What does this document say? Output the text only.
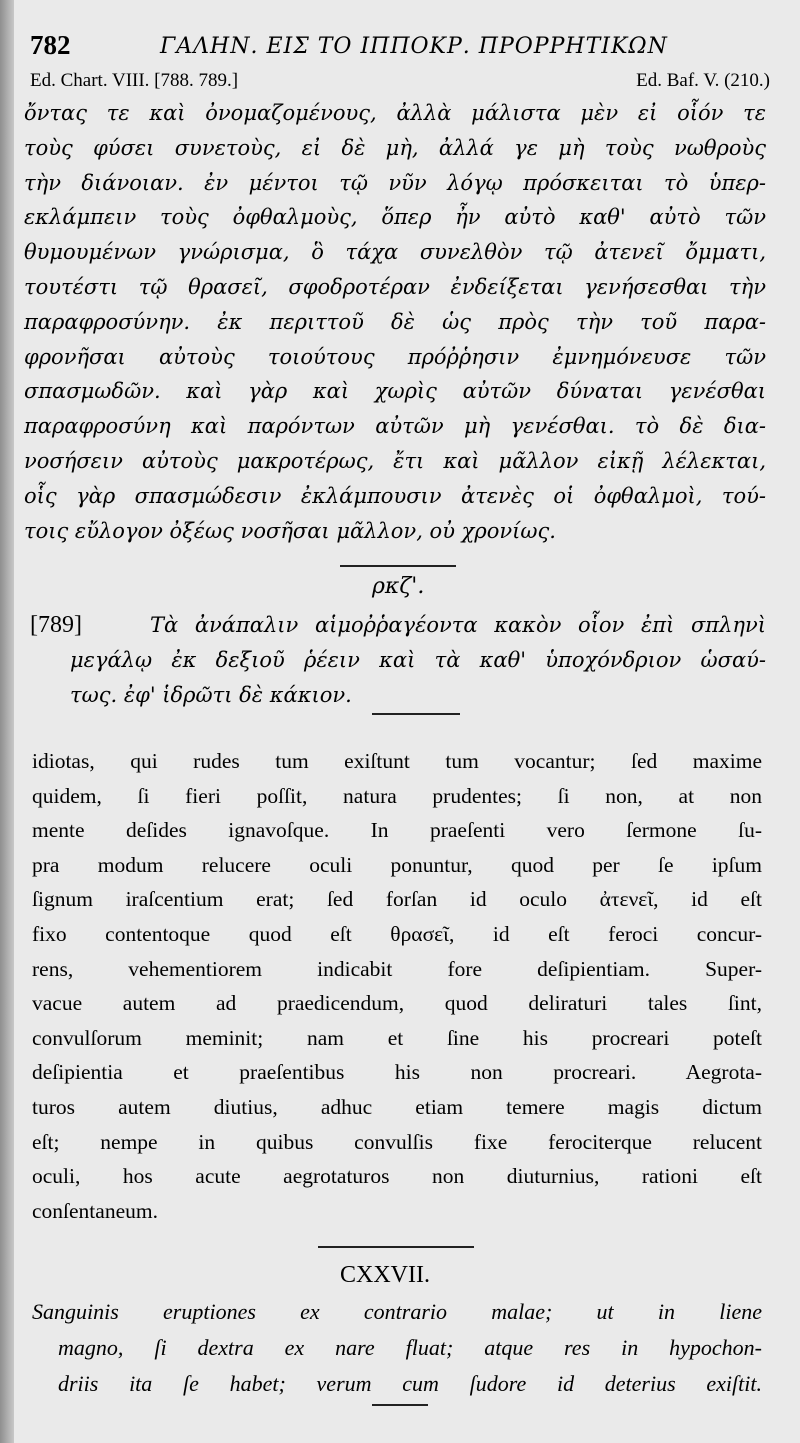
782	ΓΑΛΗΝ. ΕΙΣ ΤΟ ΙΠΠΟΚΡ. ΠΡΟΡΡΗΤΙΚΩΝ
Ed. Chart. VIII. [788. 789.]	Ed. Baf. V. (210.)
ὄντας τε καὶ ὀνομαζομένους, ἀλλὰ μάλιστα μὲν εἰ οἷόν τε
τοὺς φύσει συνετοὺς, εἰ δὲ μὴ, ἀλλά γε μὴ τοὺς νωθροὺς
τὴν διάνοιαν. ἐν μέντοι τῷ νῦν λόγῳ πρόσκειται τὸ ὑπερ-
εκλάμπειν τοὺς ὀφθαλμοὺς, ὅπερ ἦν αὐτὸ καθ' αὐτὸ τῶν
θυμουμένων γνώρισμα, ὃ τάχα συνελθὸν τῷ ἀτενεῖ ὄμματι,
τουτέστι τῷ θρασεῖ, σφοδροτέραν ἐνδείξεται γενήσεσθαι τὴν
παραφροσύνην. ἐκ περιττοῦ δὲ ὡς πρὸς τὴν τοῦ παρα-
φρονῆσαι αὐτοὺς τοιούτους πρόῤῥησιν ἐμνημόνευσε τῶν
σπασμωδῶν. καὶ γὰρ καὶ χωρὶς αὐτῶν δύναται γενέσθαι
παραφροσύνη καὶ παρόντων αὐτῶν μὴ γενέσθαι. τὸ δὲ δια-
νοσήσειν αὐτοὺς μακροτέρως, ἔτι καὶ μᾶλλον εἰκῇ λέλεκται,
οἷς γὰρ σπασμώδεσιν ἐκλάμπουσιν ἀτενὲς οἱ ὀφθαλμοὶ, τού-
τοις εὔλογον ὀξέως νοσῆσαι μᾶλλον, οὐ χρονίως.
ρκζ'.
[789]	Τὰ ἀνάπαλιν αἱμοῤῥαγέοντα κακὸν οἷον ἐπὶ σπληνὶ
μεγάλῳ ἐκ δεξιοῦ ῥέειν καὶ τὰ καθ' ὑποχόνδριον ὡσαύ-
τως. ἐφ' ἱδρῶτι δὲ κάκιον.
idiotas, qui rudes tum exiſtunt tum vocantur; ſed maxime
quidem, ſi fieri poſſit, natura prudentes; ſi non, at non
mente deſides ignavoſque. In praeſenti vero ſermone ſu-
pra modum relucere oculi ponuntur, quod per ſe ipſum
ſignum iraſcentium erat; ſed forſan id oculo ἀτενεῖ, id eſt
fixo contentoque quod eſt θρασεῖ, id eſt feroci concur-
rens, vehementiorem indicabit fore deſipientiam. Super-
vacue autem ad praedicendum, quod deliraturi tales ſint,
convulſorum meminit; nam et ſine his procreari poteſt
deſipientia et praeſentibus his non procreari. Aegrota-
turos autem diutius, adhuc etiam temere magis dictum
eſt; nempe in quibus convulſis fixe ferociterque relucent
oculi, hos acute aegrotaturos non diuturnius, rationi eſt
conſentaneum.
CXXVII.
Sanguinis eruptiones ex contrario malae; ut in liene
magno, ſi dextra ex nare fluat; atque res in hypochon-
driis ita ſe habet; verum cum ſudore id deterius exiſtit.
